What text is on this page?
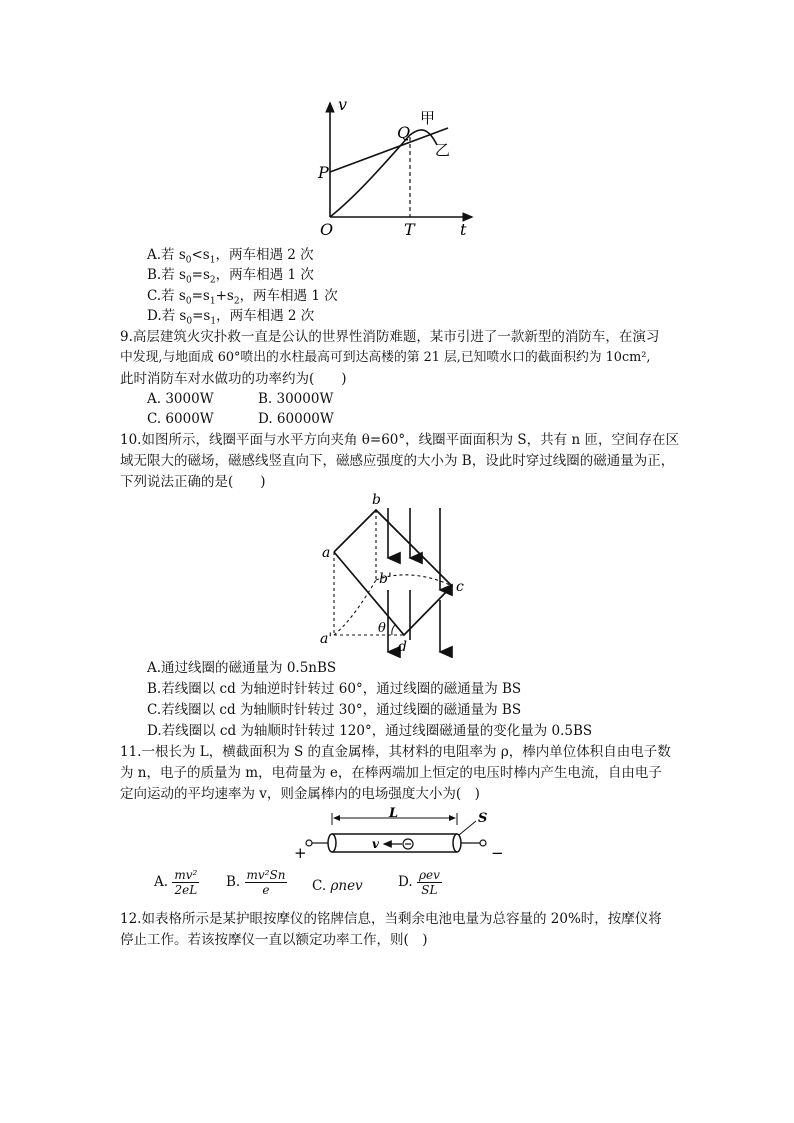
v
t
O
P
Q
T
甲
乙
A.若 $s_0<s_1$，两车相遇 2 次
B.若 $s_0=s_2$，两车相遇 1 次
C.若 $s_0=s_1+s_2$，两车相遇 1 次
D.若 $s_0=s_1$，两车相遇 2 次
9.高层建筑火灾扑救一直是公认的世界性消防难题，某市引进了一款新型的消防车，在演习
中发现,与地面成 60°喷出的水柱最高可到达高楼的第 21 层,已知喷水口的截面积约为 10cm²,
此时消防车对水做功的功率约为(　　)
A. 3000W	B. 30000W
C. 6000W	D. 60000W
10.如图所示，线圈平面与水平方向夹角 θ=60°，线圈平面面积为 S，共有 n 匝，空间存在区
域无限大的磁场，磁感线竖直向下，磁感应强度的大小为 B，设此时穿过线圈的磁通量为正，
下列说法正确的是(　　)
a
b
c
d
a'
b'
θ
A.通过线圈的磁通量为 0.5nBS
B.若线圈以 cd 为轴逆时针转过 60°，通过线圈的磁通量为 BS
C.若线圈以 cd 为轴顺时针转过 30°，通过线圈的磁通量为 BS
D.若线圈以 cd 为轴顺时针转过 120°，通过线圈磁通量的变化量为 0.5BS
11.一根长为 L，横截面积为 S 的直金属棒，其材料的电阻率为 ρ，棒内单位体积自由电子数
为 n，电子的质量为 m，电荷量为 e，在棒两端加上恒定的电压时棒内产生电流，自由电子
定向运动的平均速率为 v，则金属棒内的电场强度大小为(　)
L	S
v
+	−
A. $\frac{\text{mv²}}{2eL} B$. $\frac{\text{mv²Sn}}{e} C$. ρnev	D. $\frac{\text{ρev}}{SL}$
12.如表格所示是某护眼按摩仪的铭牌信息，当剩余电池电量为总容量的 20%时，按摩仪将
停止工作。若该按摩仪一直以额定功率工作，则(　)
